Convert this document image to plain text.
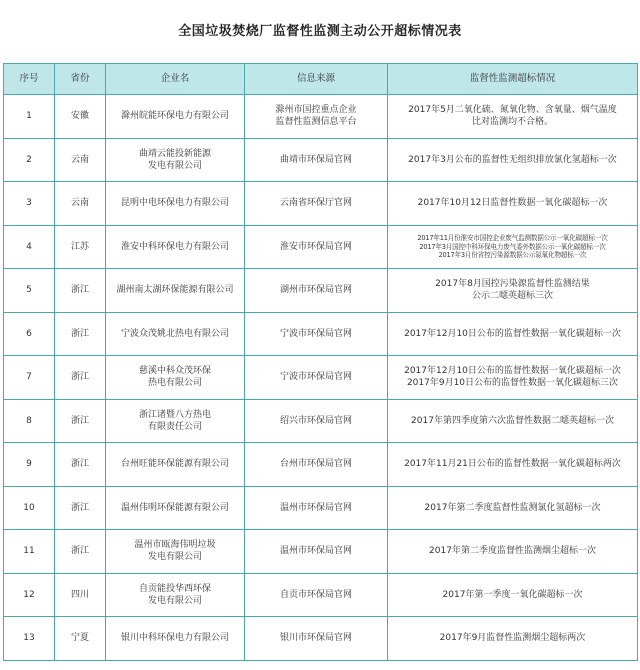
全国垃圾焚烧厂监督性监测主动公开超标情况表
序号	省份	企业名	信息来源	监督性监测超标情况
1	安徽	滁州皖能环保电力有限公司	滁州市国控重点企业
监督性监测信息平台	2017年5月二氧化硫、氮氧化物、含氧量、烟气温度
比对监测均不合格。

2	云南	曲靖云能投新能源
发电有限公司	曲靖市环保局官网	2017年3月公布的监督性无组织排放氯化氢超标一次

3	云南	昆明中电环保电力有限公司	云南省环保厅官网	2017年10月12日监督性数据一氧化碳超标一次

4	江苏	淮安中科环保电力有限公司	淮安市环保局官网	2017年11月份淮安市国控企业废气监测数据公示一氧化碳超标一次
2017年3月国控中科环保电力废气委外数据公示一氧化碳超标一次
2017年3月份省控污染源数据公示氮氧化物超标一次

5	浙江	湖州南太湖环保能源有限公司	湖州市环保局官网	2017年8月国控污染源监督性监测结果
公示二噁英超标三次

6	浙江	宁波众茂姚北热电有限公司	宁波市环保局官网	2017年12月10日公布的监督性数据一氧化碳超标一次

7	浙江	慈溪中科众茂环保
热电有限公司	宁波市环保局官网	2017年12月10日公布的监督性数据一氧化碳超标一次
2017年9月10日公布的监督性数据一氧化碳超标三次

8	浙江	浙江诸暨八方热电
有限责任公司	绍兴市环保局官网	2017年第四季度第六次监督性数据二噁英超标一次

9	浙江	台州旺能环保能源有限公司	台州市环保局官网	2017年11月21日公布的监督性数据一氧化碳超标两次

10	浙江	温州伟明环保能源有限公司	温州市环保局官网	2017年第二季度监督性监测氯化氢超标一次

11	浙江	温州市瓯海伟明垃圾
发电有限公司	温州市环保局官网	2017年第二季度监督性监测烟尘超标一次

12	四川	自贡能投华西环保
发电有限公司	自贡市环保局官网	2017年第一季度一氧化碳超标一次

13	宁夏	银川中科环保电力有限公司	银川市环保局官网	2017年9月监督性监测烟尘超标两次
